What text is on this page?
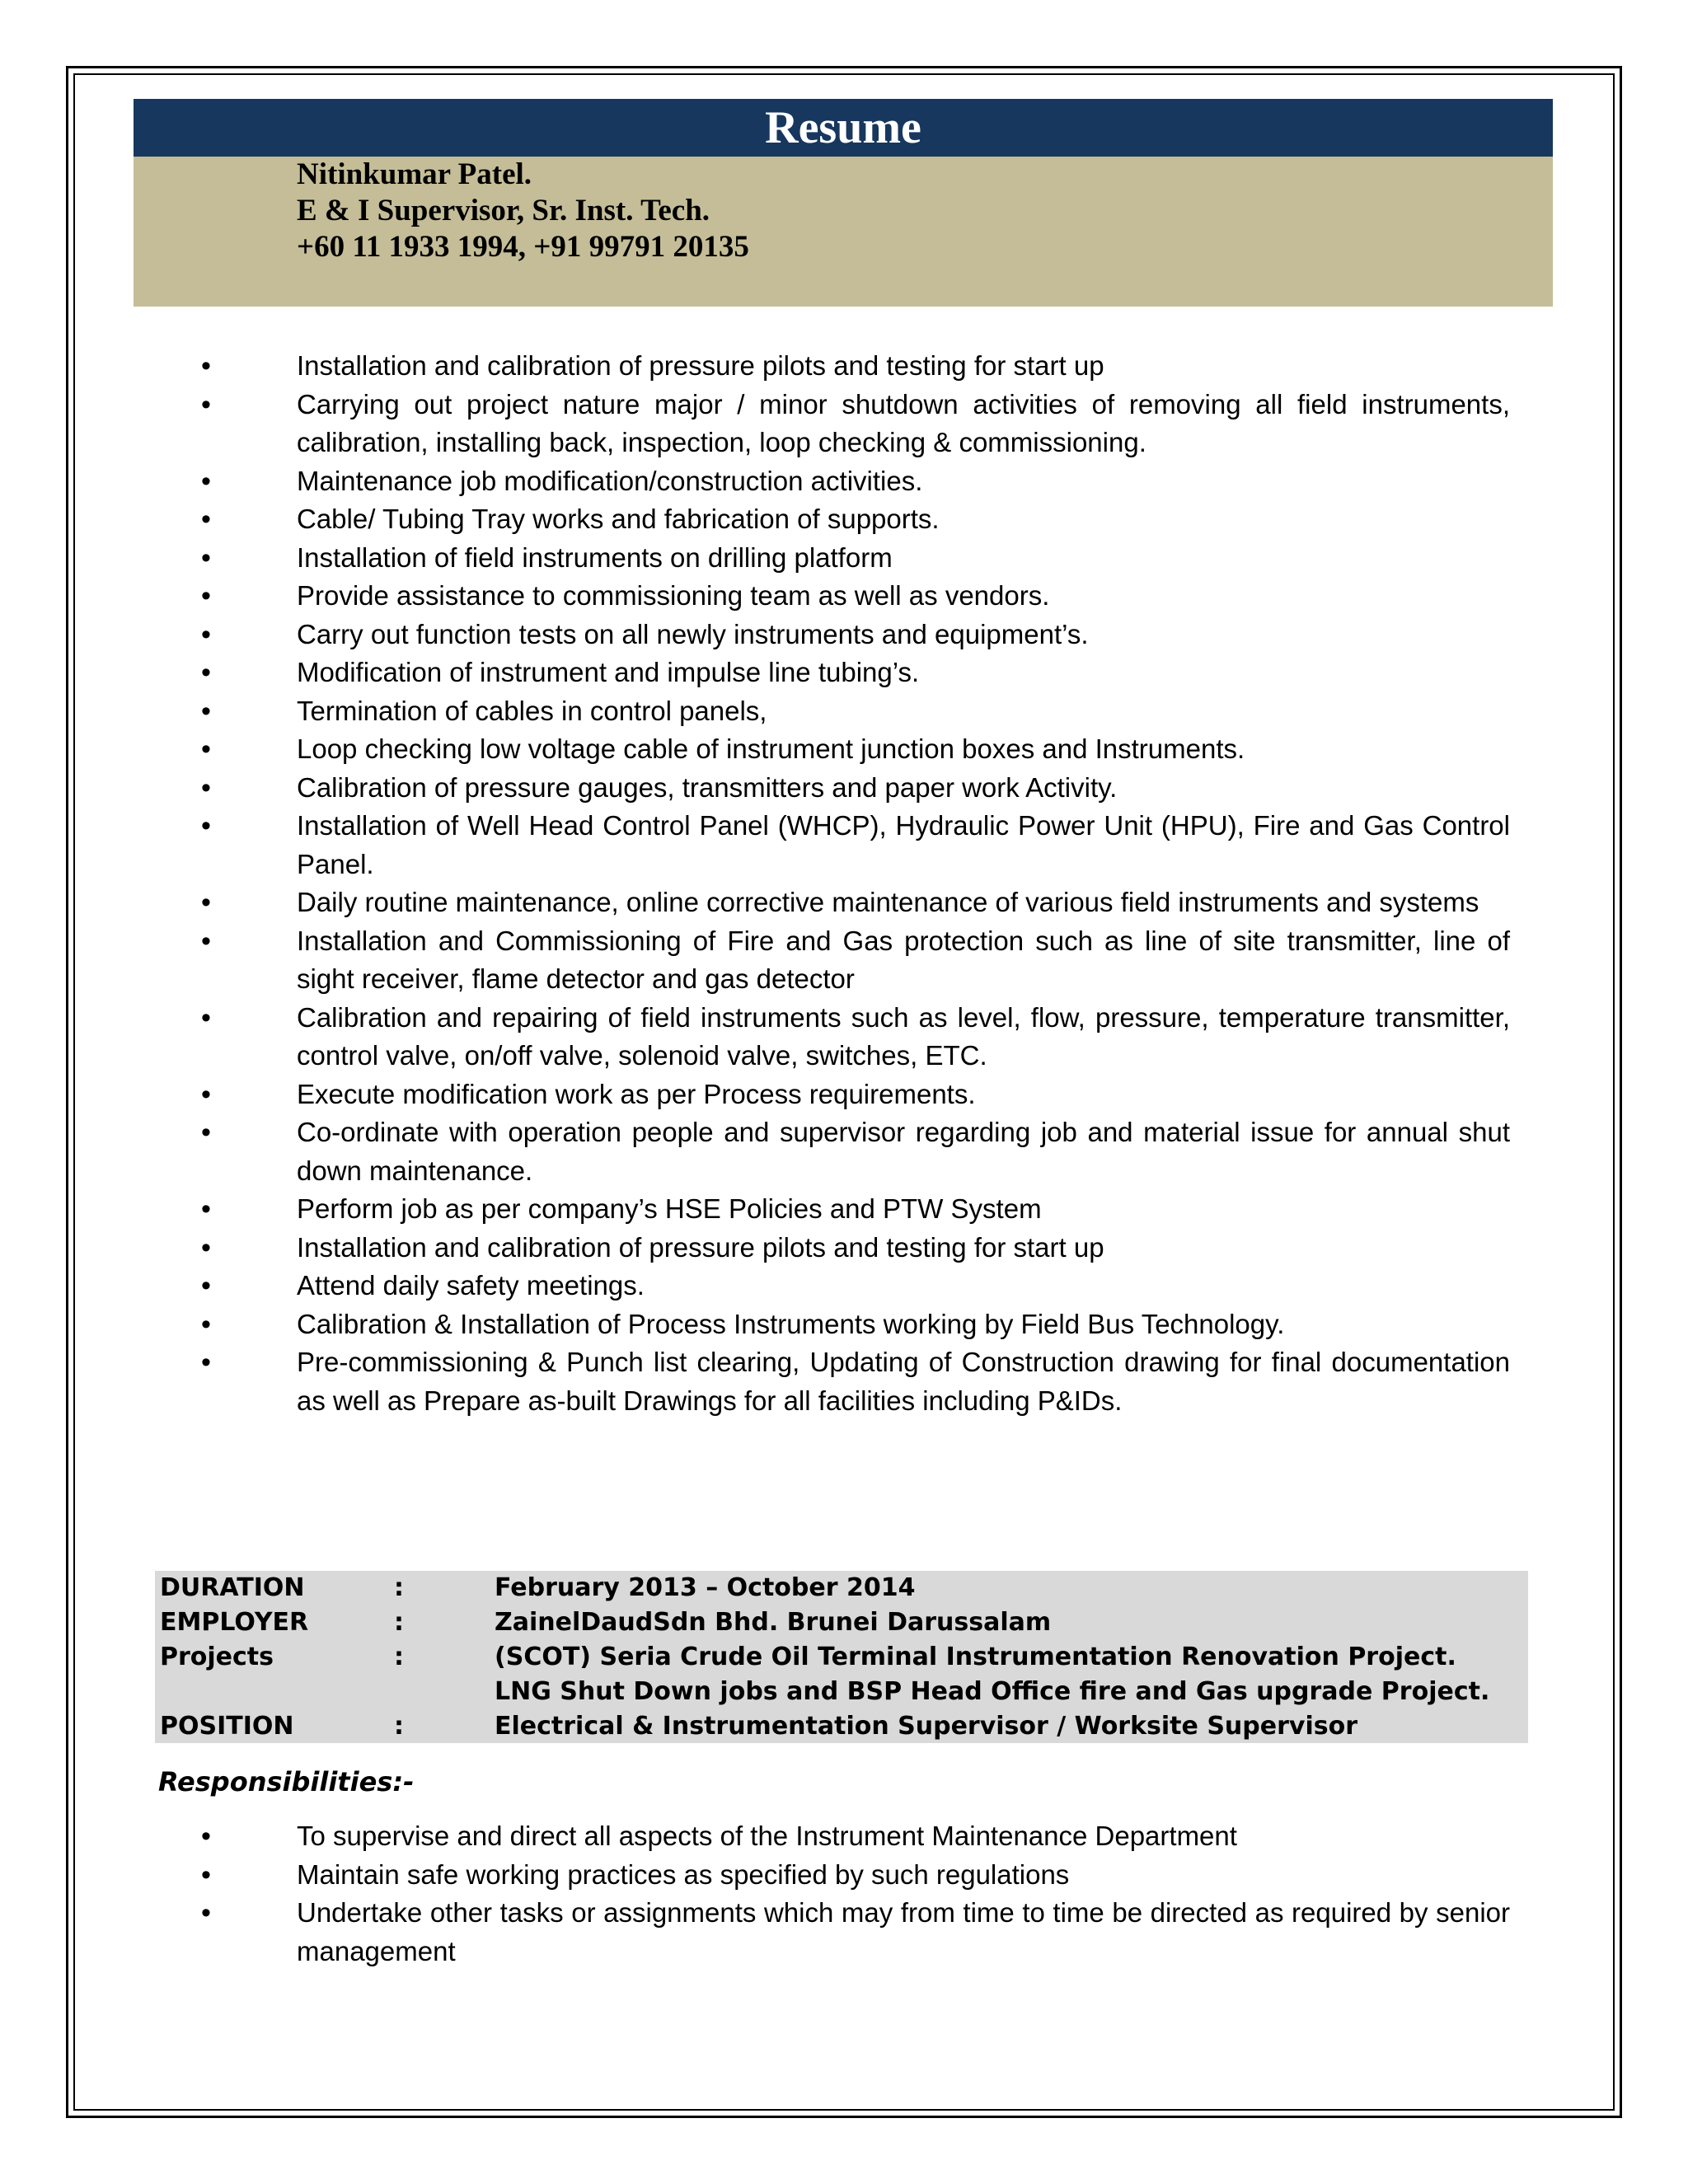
Resume
Nitinkumar Patel.
E & I Supervisor, Sr. Inst. Tech.
+60 11 1933 1994, +91 99791 20135
• Installation and calibration of pressure pilots and testing for start up
• Carrying out project nature major / minor shutdown activities of removing all field instruments, calibration, installing back, inspection, loop checking & commissioning.
• Maintenance job modification/construction activities.
• Cable/ Tubing Tray works and fabrication of supports.
• Installation of field instruments on drilling platform
• Provide assistance to commissioning team as well as vendors.
• Carry out function tests on all newly instruments and equipment’s.
• Modification of instrument and impulse line tubing’s.
• Termination of cables in control panels,
• Loop checking low voltage cable of instrument junction boxes and Instruments.
• Calibration of pressure gauges, transmitters and paper work Activity.
• Installation of Well Head Control Panel (WHCP), Hydraulic Power Unit (HPU), Fire and Gas Control Panel.
• Daily routine maintenance, online corrective maintenance of various field instruments and systems
• Installation and Commissioning of Fire and Gas protection such as line of site transmitter, line of sight receiver, flame detector and gas detector
• Calibration and repairing of field instruments such as level, flow, pressure, temperature transmitter, control valve, on/off valve, solenoid valve, switches, ETC.
• Execute modification work as per Process requirements.
• Co-ordinate with operation people and supervisor regarding job and material issue for annual shut down maintenance.
• Perform job as per company’s HSE Policies and PTW System
• Installation and calibration of pressure pilots and testing for start up
• Attend daily safety meetings.
• Calibration & Installation of Process Instruments working by Field Bus Technology.
• Pre-commissioning & Punch list clearing, Updating of Construction drawing for final documentation as well as Prepare as-built Drawings for all facilities including P&IDs.
DURATION	:	February 2013 – October 2014
EMPLOYER	:	ZainelDaudSdn Bhd. Brunei Darussalam
Projects	:	(SCOT) Seria Crude Oil Terminal Instrumentation Renovation Project.
LNG Shut Down jobs and BSP Head Office fire and Gas upgrade Project.
POSITION	:	Electrical & Instrumentation Supervisor / Worksite Supervisor
Responsibilities:-
• To supervise and direct all aspects of the Instrument Maintenance Department
• Maintain safe working practices as specified by such regulations
• Undertake other tasks or assignments which may from time to time be directed as required by senior management
